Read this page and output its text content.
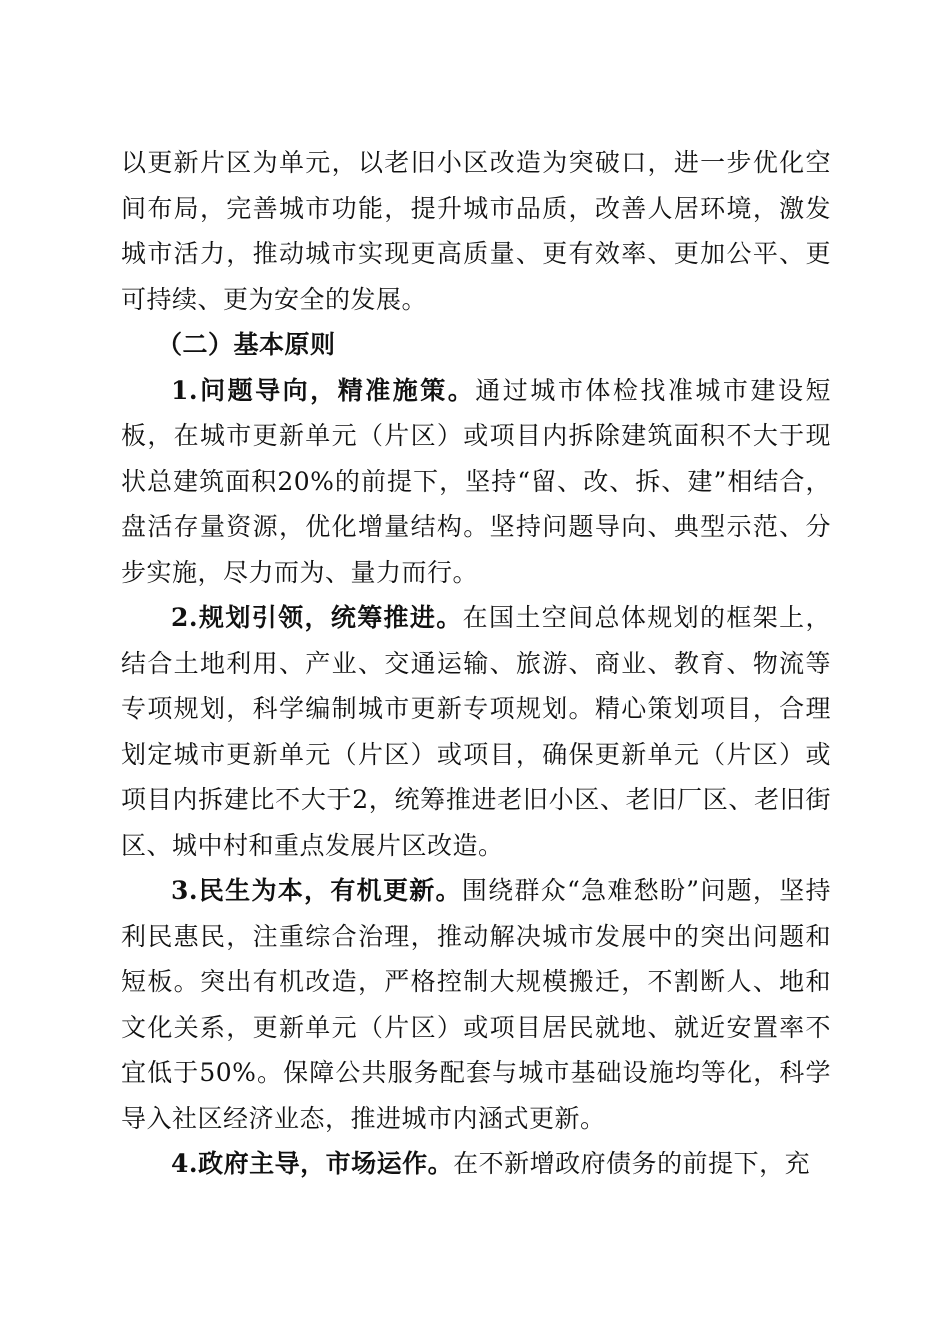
以更新片区为单元，以老旧小区改造为突破口，进一步优化空间布局，完善城市功能，提升城市品质，改善人居环境，激发城市活力，推动城市实现更高质量、更有效率、更加公平、更可持续、更为安全的发展。

（二）基本原则

1.问题导向，精准施策。通过城市体检找准城市建设短板，在城市更新单元（片区）或项目内拆除建筑面积不大于现状总建筑面积20%的前提下，坚持“留、改、拆、建”相结合，盘活存量资源，优化增量结构。坚持问题导向、典型示范、分步实施，尽力而为、量力而行。

2.规划引领，统筹推进。在国土空间总体规划的框架上，结合土地利用、产业、交通运输、旅游、商业、教育、物流等专项规划，科学编制城市更新专项规划。精心策划项目，合理划定城市更新单元（片区）或项目，确保更新单元（片区）或项目内拆建比不大于2，统筹推进老旧小区、老旧厂区、老旧街区、城中村和重点发展片区改造。

3.民生为本，有机更新。围绕群众“急难愁盼”问题，坚持利民惠民，注重综合治理，推动解决城市发展中的突出问题和短板。突出有机改造，严格控制大规模搬迁，不割断人、地和文化关系，更新单元（片区）或项目居民就地、就近安置率不宜低于50%。保障公共服务配套与城市基础设施均等化，科学导入社区经济业态，推进城市内涵式更新。

4.政府主导，市场运作。在不新增政府债务的前提下，充
